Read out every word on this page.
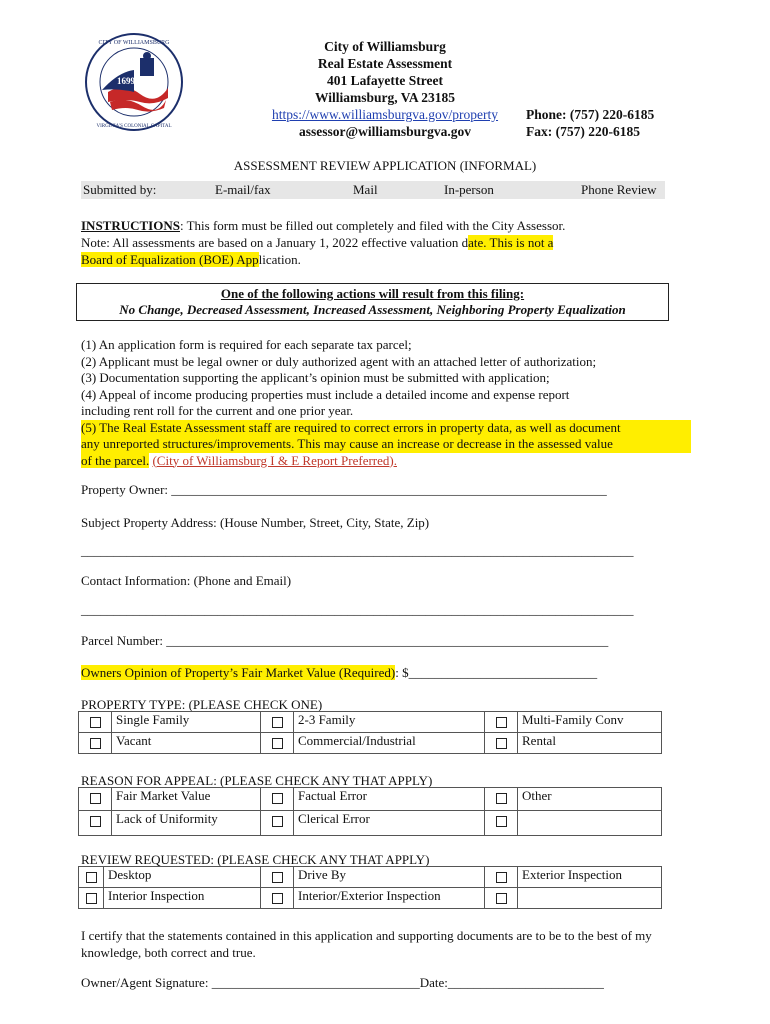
1699
CITY OF WILLIAMSBURG
VIRGINIA'S COLONIAL CAPITAL
City of Williamsburg
Real Estate Assessment
401 Lafayette Street
Williamsburg, VA 23185
https://www.williamsburgva.gov/property

assessor@williamsburgva.gov
Phone: (757) 220-6185
Fax: (757) 220-6185
ASSESSMENT REVIEW APPLICATION (INFORMAL)
Submitted by:	E-mail/fax	Mail	In-person	Phone Review
INSTRUCTIONS: This form must be filled out completely and filed with the City Assessor.
Note: All assessments are based on a January 1, 2022 effective valuation date. This is not a
Board of Equalization (BOE) Application.
One of the following actions will result from this filing:
No Change, Decreased Assessment, Increased Assessment, Neighboring Property Equalization
(1) An application form is required for each separate tax parcel;
(2) Applicant must be legal owner or duly authorized agent with an attached letter of authorization;
(3) Documentation supporting the applicant’s opinion must be submitted with application;
(4) Appeal of income producing properties must include a detailed income and expense report
including rent roll for the current and one prior year.
(5) The Real Estate Assessment staff are required to correct errors in property data, as well as document
any unreported structures/improvements. This may cause an increase or decrease in the assessed value
of the parcel. (City of Williamsburg I & E Report Preferred).
Property Owner: ___________________________________________________________________
Subject Property Address: (House Number, Street, City, State, Zip)
_____________________________________________________________________________________
Contact Information: (Phone and Email)
_____________________________________________________________________________________
Parcel Number: ____________________________________________________________________
Owners Opinion of Property’s Fair Market Value (Required): $_____________________________
PROPERTY TYPE: (PLEASE CHECK ONE)
	Single Family		2-3 Family		Multi-Family Conv
	Vacant		Commercial/Industrial		Rental
REASON FOR APPEAL: (PLEASE CHECK ANY THAT APPLY)
	Fair Market Value		Factual Error		Other
	Lack of Uniformity		Clerical Error		
REVIEW REQUESTED: (PLEASE CHECK ANY THAT APPLY)
	Desktop		Drive By		Exterior Inspection
	Interior Inspection		Interior/Exterior Inspection		
I certify that the statements contained in this application and supporting documents are to be to the best of my knowledge, both correct and true.
Owner/Agent Signature: ________________________________Date:________________________
